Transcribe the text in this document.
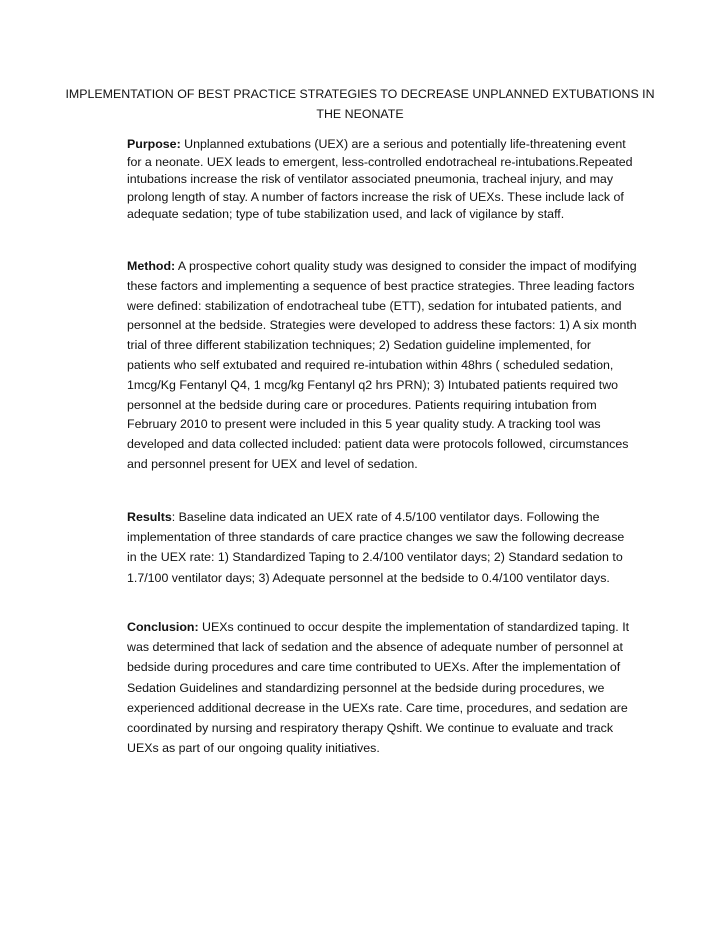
IMPLEMENTATION OF BEST PRACTICE STRATEGIES TO DECREASE UNPLANNED EXTUBATIONS IN THE NEONATE

Purpose: Unplanned extubations (UEX) are a serious and potentially life-threatening event for a neonate. UEX leads to emergent, less-controlled endotracheal re-intubations.Repeated intubations increase the risk of ventilator associated pneumonia, tracheal injury, and may prolong length of stay. A number of factors increase the risk of UEXs. These include lack of adequate sedation; type of tube stabilization used, and lack of vigilance by staff.

Method: A prospective cohort quality study was designed to consider the impact of modifying these factors and implementing a sequence of best practice strategies. Three leading factors were defined: stabilization of endotracheal tube (ETT), sedation for intubated patients, and personnel at the bedside. Strategies were developed to address these factors: 1) A six month trial of three different stabilization techniques; 2) Sedation guideline implemented, for patients who self extubated and required re-intubation within 48hrs ( scheduled sedation, 1mcg/Kg Fentanyl Q4, 1 mcg/kg Fentanyl q2 hrs PRN); 3) Intubated patients required two personnel at the bedside during care or procedures. Patients requiring intubation from February 2010 to present were included in this 5 year quality study. A tracking tool was developed and data collected included: patient data were protocols followed, circumstances and personnel present for UEX and level of sedation.

Results: Baseline data indicated an UEX rate of 4.5/100 ventilator days. Following the implementation of three standards of care practice changes we saw the following decrease in the UEX rate: 1) Standardized Taping to 2.4/100 ventilator days; 2) Standard sedation to 1.7/100 ventilator days; 3) Adequate personnel at the bedside to 0.4/100 ventilator days.

Conclusion: UEXs continued to occur despite the implementation of standardized taping. It was determined that lack of sedation and the absence of adequate number of personnel at bedside during procedures and care time contributed to UEXs. After the implementation of Sedation Guidelines and standardizing personnel at the bedside during procedures, we experienced additional decrease in the UEXs rate. Care time, procedures, and sedation are coordinated by nursing and respiratory therapy Qshift. We continue to evaluate and track UEXs as part of our ongoing quality initiatives.
